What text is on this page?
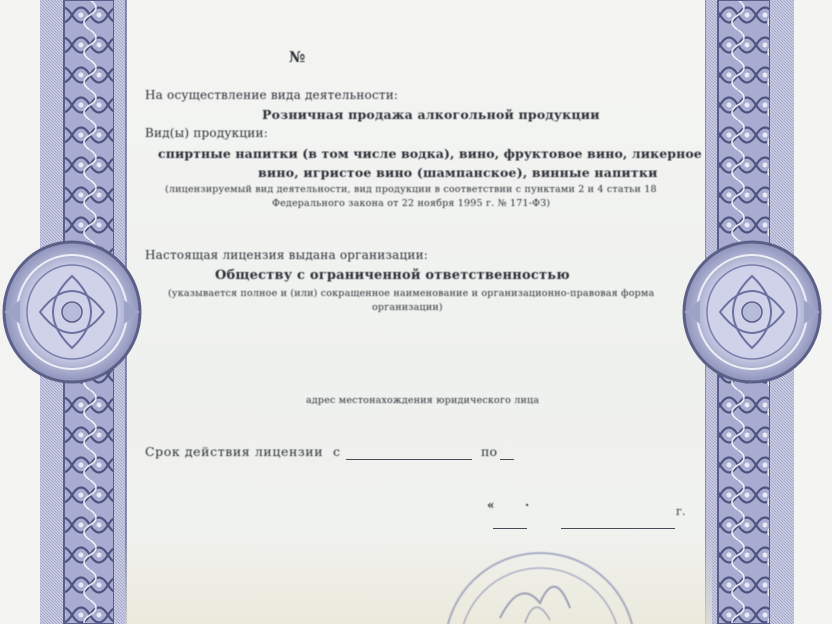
№
На осуществление вида деятельности:
Розничная продажа алкогольной продукции
Вид(ы) продукции:
спиртные напитки (в том числе водка), вино, фруктовое вино, ликерное
вино, игристое вино (шампанское), винные напитки
(лицензируемый вид деятельности, вид продукции в соответствии с пунктами 2 и 4 статьи 18
Федерального закона от 22 ноября 1995 г. № 171-ФЗ)
Настоящая лицензия выдана организации:
Обществу с ограниченной ответственностью
(указывается полное и (или) сокращенное наименование и организационно-правовая форма
организации)
адрес местонахождения юридического лица
Срок действия лицензии с	по
«	·	г.
